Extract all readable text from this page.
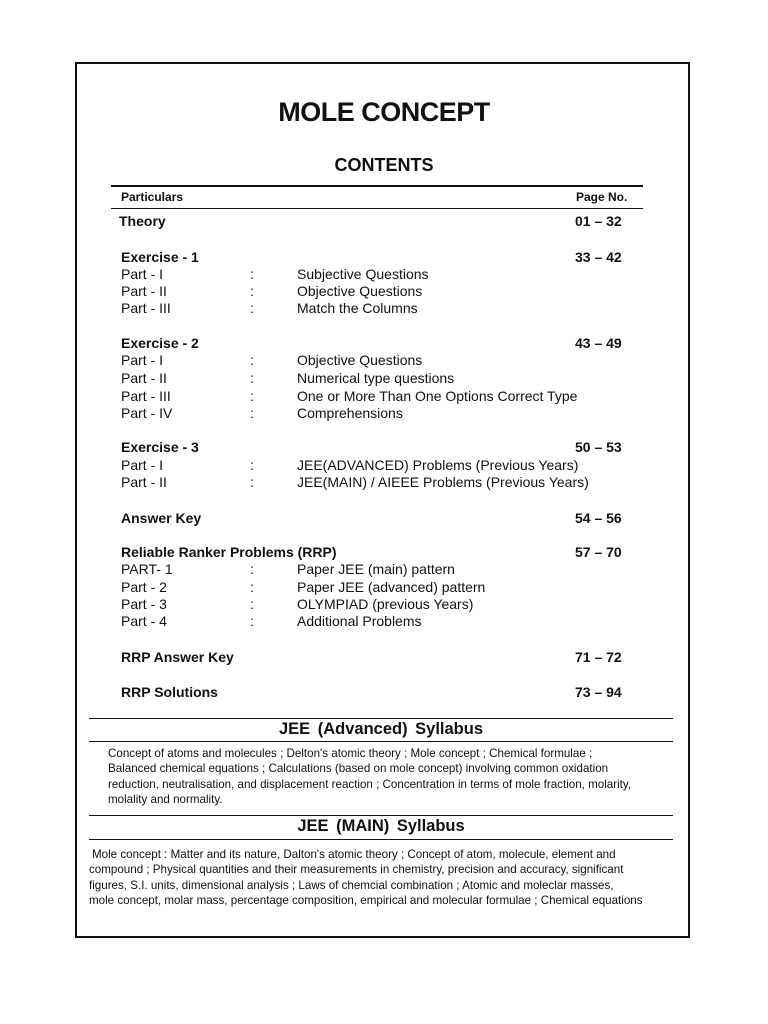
MOLE CONCEPT
CONTENTS
Particulars	Page No.
Theory	01 – 32
Exercise - 1	33 – 42
Part - I	:	Subjective Questions
Part - II	:	Objective Questions
Part - III	:	Match the Columns
Exercise - 2	43 – 49
Part - I	:	Objective Questions
Part - II	:	Numerical type questions
Part - III	:	One or More Than One Options Correct Type
Part - IV	:	Comprehensions
Exercise - 3	50 – 53
Part - I	:	JEE(ADVANCED) Problems (Previous Years)
Part - II	:	JEE(MAIN) / AIEEE Problems (Previous Years)
Answer Key	54 – 56
Reliable Ranker Problems (RRP)	57 – 70
PART- 1	:	Paper JEE (main) pattern
Part - 2	:	Paper JEE (advanced) pattern
Part - 3	:	OLYMPIAD (previous Years)
Part - 4	:	Additional Problems
RRP Answer Key	71 – 72
RRP Solutions	73 – 94
JEE (Advanced) Syllabus
Concept of atoms and molecules ; Delton's atomic theory ; Mole concept ; Chemical formulae ;
Balanced chemical equations ; Calculations (based on mole concept) involving common oxidation
reduction, neutralisation, and displacement reaction ; Concentration in terms of mole fraction, molarity,
molality and normality.
JEE (MAIN) Syllabus
Mole concept : Matter and its nature, Dalton's atomic theory ; Concept of atom, molecule, element and
compound ; Physical quantities and their measurements in chemistry, precision and accuracy, significant
figures, S.I. units, dimensional analysis ; Laws of chemcial combination ; Atomic and moleclar masses,
mole concept, molar mass, percentage composition, empirical and molecular formulae ; Chemical equations
